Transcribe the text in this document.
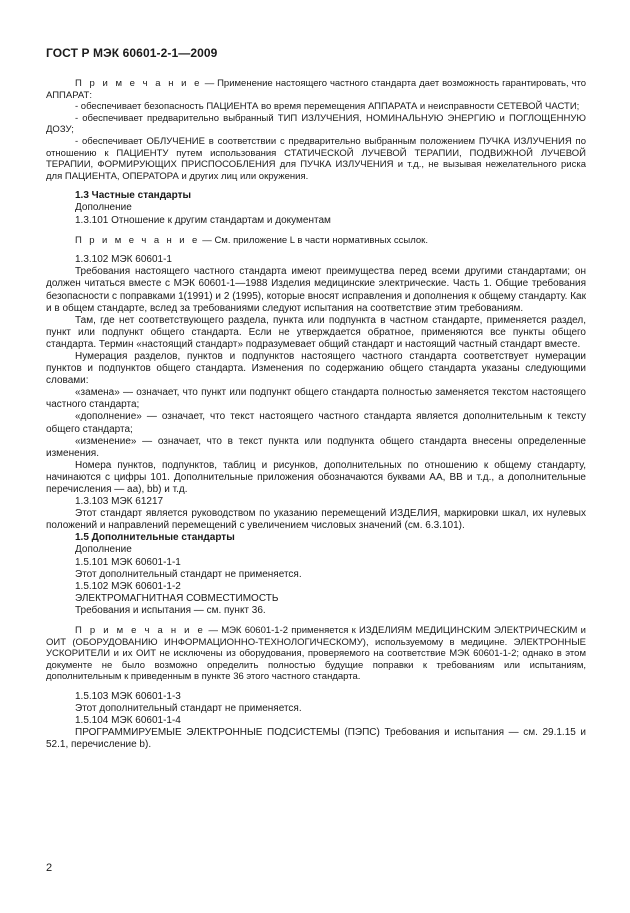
ГОСТ Р МЭК 60601-2-1—2009

П р и м е ч а н и е — Применение настоящего частного стандарта дает возможность гарантировать, что АППАРАТ:

- обеспечивает безопасность ПАЦИЕНТА во время перемещения АППАРАТА и неисправности СЕТЕВОЙ ЧАСТИ;

- обеспечивает предварительно выбранный ТИП ИЗЛУЧЕНИЯ, НОМИНАЛЬНУЮ ЭНЕРГИЮ и ПОГЛОЩЕННУЮ ДОЗУ;

- обеспечивает ОБЛУЧЕНИЕ в соответствии с предварительно выбранным положением ПУЧКА ИЗЛУЧЕНИЯ по отношению к ПАЦИЕНТУ путем использования СТАТИЧЕСКОЙ ЛУЧЕВОЙ ТЕРАПИИ, ПОДВИЖНОЙ ЛУЧЕВОЙ ТЕРАПИИ, ФОРМИРУЮЩИХ ПРИСПОСОБЛЕНИЯ для ПУЧКА ИЗЛУЧЕНИЯ и т.д., не вызывая нежелательного риска для ПАЦИЕНТА, ОПЕРАТОРА и других лиц или окружения.

1.3 Частные стандарты

Дополнение

1.3.101 Отношение к другим стандартам и документам

П р и м е ч а н и е — См. приложение L в части нормативных ссылок.

1.3.102 МЭК 60601-1

Требования настоящего частного стандарта имеют преимущества перед всеми другими стандартами; он должен читаться вместе с МЭК 60601-1—1988 Изделия медицинские электрические. Часть 1. Общие требования безопасности с поправками 1(1991) и 2 (1995), которые вносят исправления и дополнения к общему стандарту. Как и в общем стандарте, вслед за требованиями следуют испытания на соответствие этим требованиям.

Там, где нет соответствующего раздела, пункта или подпункта в частном стандарте, применяется раздел, пункт или подпункт общего стандарта. Если не утверждается обратное, применяются все пункты общего стандарта. Термин «настоящий стандарт» подразумевает общий стандарт и настоящий частный стандарт вместе.

Нумерация разделов, пунктов и подпунктов настоящего частного стандарта соответствует нумерации пунктов и подпунктов общего стандарта. Изменения по содержанию общего стандарта указаны следующими словами:

«замена» — означает, что пункт или подпункт общего стандарта полностью заменяется текстом настоящего частного стандарта;

«дополнение» — означает, что текст настоящего частного стандарта является дополнительным к тексту общего стандарта;

«изменение» — означает, что в текст пункта или подпункта общего стандарта внесены определенные изменения.

Номера пунктов, подпунктов, таблиц и рисунков, дополнительных по отношению к общему стандарту, начинаются с цифры 101. Дополнительные приложения обозначаются буквами АА, ВВ и т.д., а дополнительные перечисления — аа), bb) и т.д.

1.3.103 МЭК 61217

Этот стандарт является руководством по указанию перемещений ИЗДЕЛИЯ, маркировки шкал, их нулевых положений и направлений перемещений с увеличением числовых значений (см. 6.3.101).

1.5 Дополнительные стандарты

Дополнение

1.5.101 МЭК 60601-1-1

Этот дополнительный стандарт не применяется.

1.5.102 МЭК 60601-1-2

ЭЛЕКТРОМАГНИТНАЯ СОВМЕСТИМОСТЬ

Требования и испытания — см. пункт 36.

П р и м е ч а н и е — МЭК 60601-1-2 применяется к ИЗДЕЛИЯМ МЕДИЦИНСКИМ ЭЛЕКТРИЧЕСКИМ и ОИТ (ОБОРУДОВАНИЮ ИНФОРМАЦИОННО-ТЕХНОЛОГИЧЕСКОМУ), используемому в медицине. ЭЛЕКТРОННЫЕ УСКОРИТЕЛИ и их ОИТ не исключены из оборудования, проверяемого на соответствие МЭК 60601-1-2; однако в этом документе не было возможно определить полностью будущие поправки к требованиям или испытаниям, дополнительным к приведенным в пункте 36 этого частного стандарта.

1.5.103 МЭК 60601-1-3

Этот дополнительный стандарт не применяется.

1.5.104 МЭК 60601-1-4

ПРОГРАММИРУЕМЫЕ ЭЛЕКТРОННЫЕ ПОДСИСТЕМЫ (ПЭПС) Требования и испытания — см. 29.1.15 и 52.1, перечисление b).

2
